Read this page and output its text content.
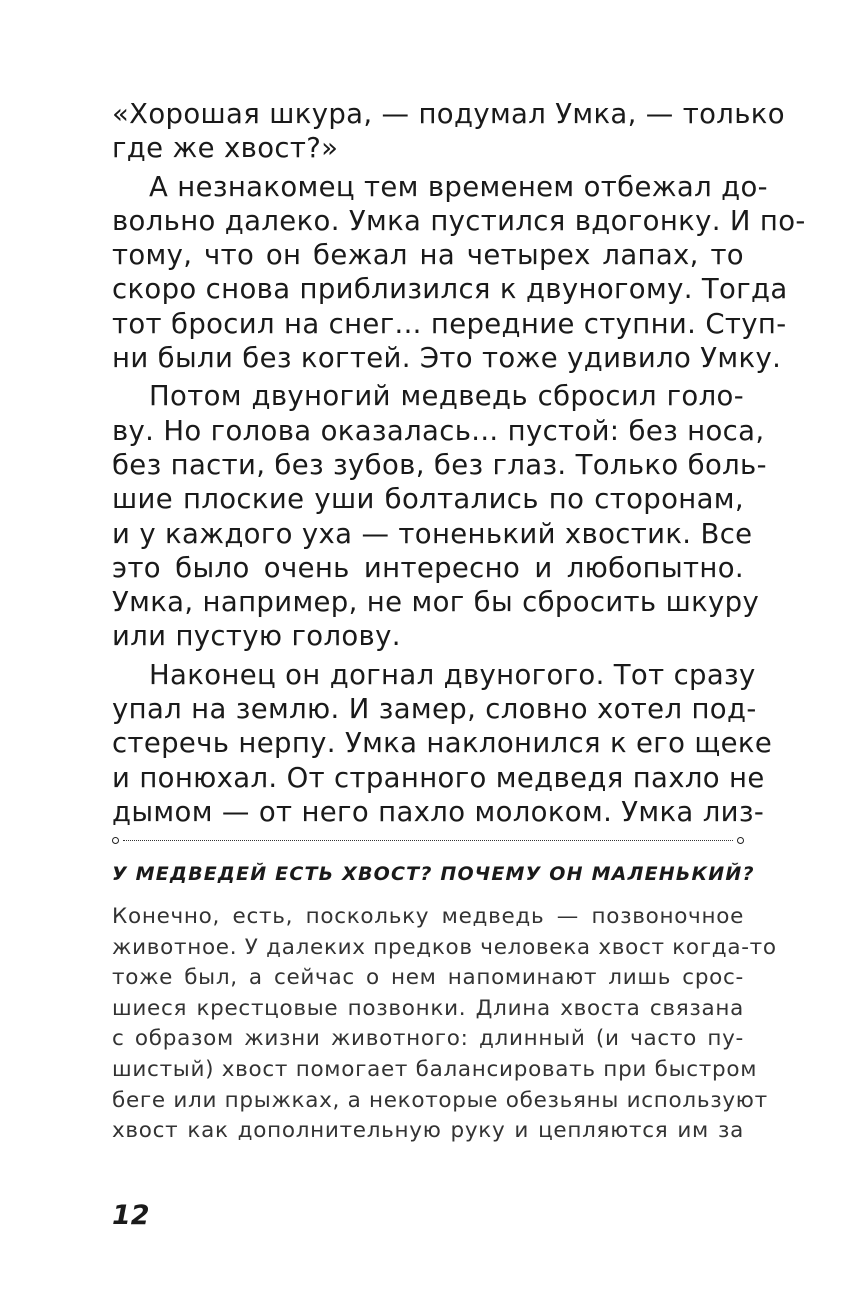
«Хорошая шкура, — подумал Умка, — только
где же хвост?»
А незнакомец тем временем отбежал до-
вольно далеко. Умка пустился вдогонку. И по-
тому, что он бежал на четырех лапах, то
скоро снова приблизился к двуногому. Тогда
тот бросил на снег... передние ступни. Ступ-
ни были без когтей. Это тоже удивило Умку.
Потом двуногий медведь сбросил голо-
ву. Но голова оказалась... пустой: без носа,
без пасти, без зубов, без глаз. Только боль-
шие плоские уши болтались по сторонам,
и у каждого уха — тоненький хвостик. Все
это было очень интересно и любопытно.
Умка, например, не мог бы сбросить шкуру
или пустую голову.
Наконец он догнал двуногого. Тот сразу
упал на землю. И замер, словно хотел под-
стеречь нерпу. Умка наклонился к его щеке
и понюхал. От странного медведя пахло не
дымом — от него пахло молоком. Умка лиз-
У МЕДВЕДЕЙ ЕСТЬ ХВОСТ? ПОЧЕМУ ОН МАЛЕНЬКИЙ?
Конечно, есть, поскольку медведь — позвоночное
животное. У далеких предков человека хвост когда-то
тоже был, а сейчас о нем напоминают лишь срос-
шиеся крестцовые позвонки. Длина хвоста связана
с образом жизни животного: длинный (и часто пу-
шистый) хвост помогает балансировать при быстром
беге или прыжках, а некоторые обезьяны используют
хвост как дополнительную руку и цепляются им за
12
